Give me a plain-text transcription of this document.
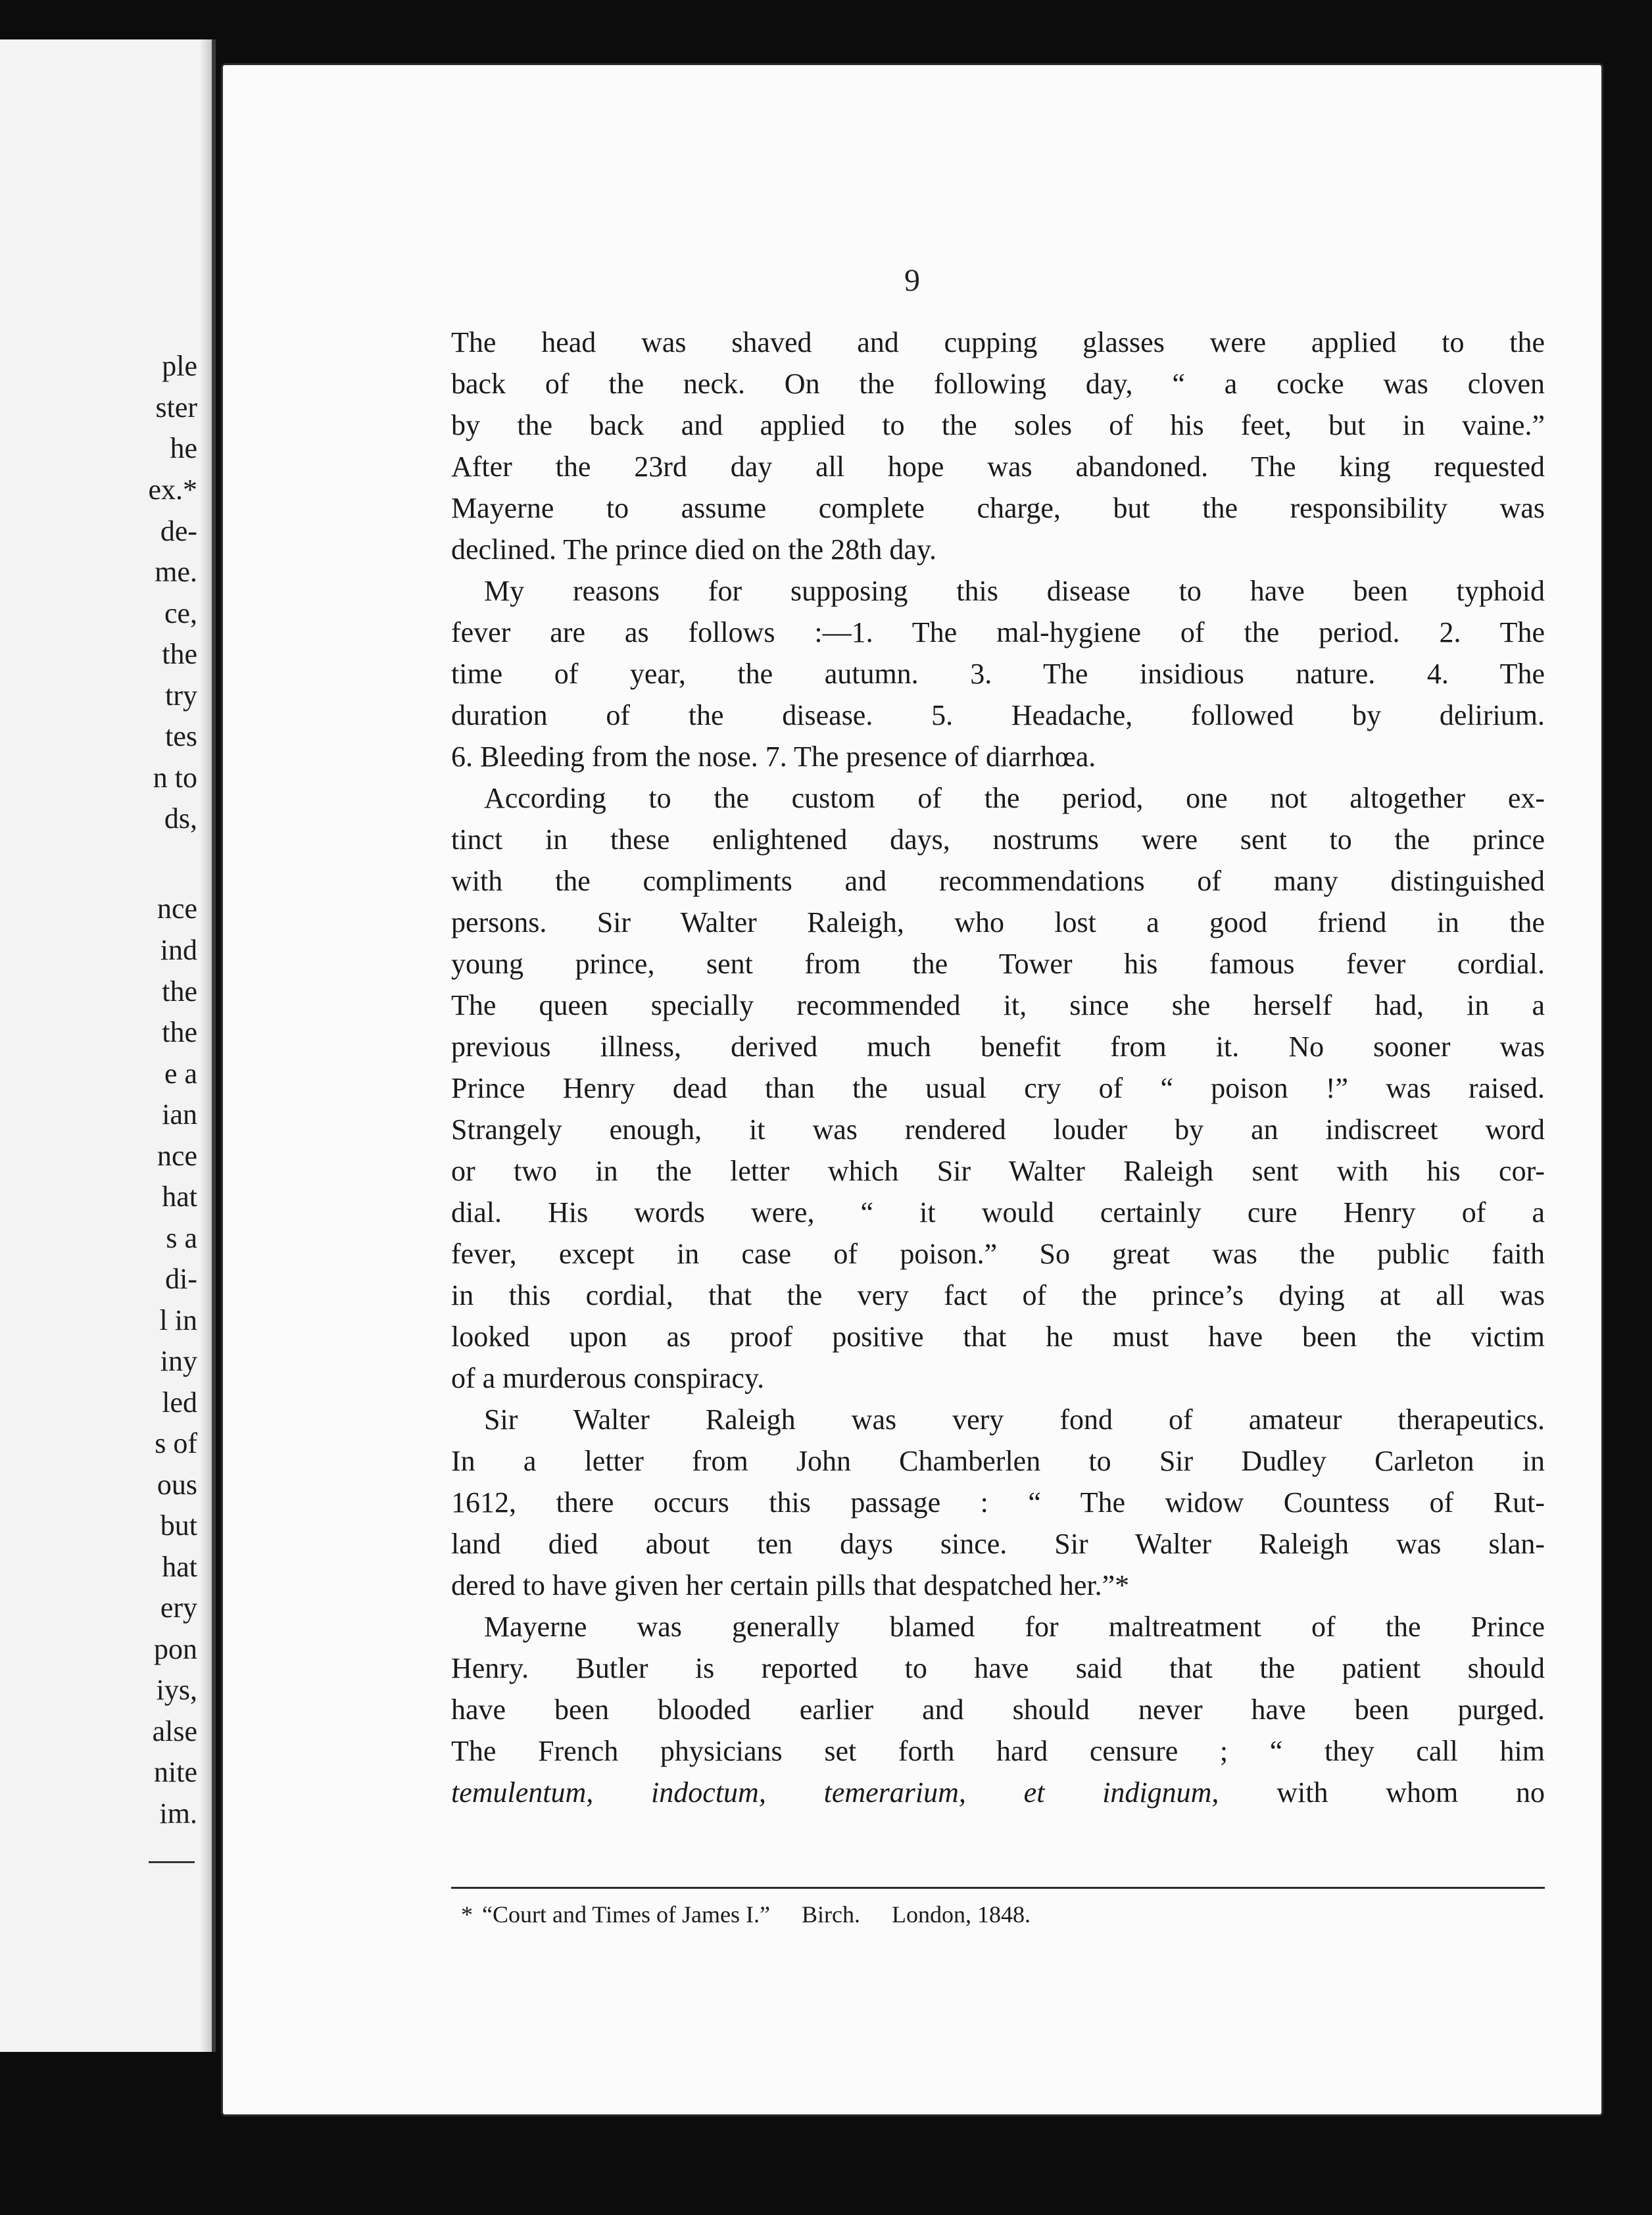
ple
ster
he
ex.*
de-
me.
ce,
the
try
tes
n to
ds,
nce
ind
the
the
e a
ian
nce
hat
s a
di-
l in
iny
led
s of
ous
but
hat
ery
pon
iys,
alse
nite
im.
9
The head was shaved and cupping glasses were applied to the
back of the neck. On the following day, “ a cocke was cloven
by the back and applied to the soles of his feet, but in vaine.”
After the 23rd day all hope was abandoned. The king requested
Mayerne to assume complete charge, but the responsibility was
declined. The prince died on the 28th day.
My reasons for supposing this disease to have been typhoid
fever are as follows :—1. The mal-hygiene of the period. 2. The
time of year, the autumn. 3. The insidious nature. 4. The
duration of the disease. 5. Headache, followed by delirium.
6. Bleeding from the nose. 7. The presence of diarrhœa.
According to the custom of the period, one not altogether ex-
tinct in these enlightened days, nostrums were sent to the prince
with the compliments and recommendations of many distinguished
persons. Sir Walter Raleigh, who lost a good friend in the
young prince, sent from the Tower his famous fever cordial.
The queen specially recommended it, since she herself had, in a
previous illness, derived much benefit from it. No sooner was
Prince Henry dead than the usual cry of “ poison !” was raised.
Strangely enough, it was rendered louder by an indiscreet word
or two in the letter which Sir Walter Raleigh sent with his cor-
dial. His words were, “ it would certainly cure Henry of a
fever, except in case of poison.” So great was the public faith
in this cordial, that the very fact of the prince’s dying at all was
looked upon as proof positive that he must have been the victim
of a murderous conspiracy.
Sir Walter Raleigh was very fond of amateur therapeutics.
In a letter from John Chamberlen to Sir Dudley Carleton in
1612, there occurs this passage : “ The widow Countess of Rut-
land died about ten days since. Sir Walter Raleigh was slan-
dered to have given her certain pills that despatched her.”*
Mayerne was generally blamed for maltreatment of the Prince
Henry. Butler is reported to have said that the patient should
have been blooded earlier and should never have been purged.
The French physicians set forth hard censure ; “ they call him
temulentum, indoctum, temerarium, et indignum, with whom no
* “Court and Times of James I.” Birch. London, 1848.
